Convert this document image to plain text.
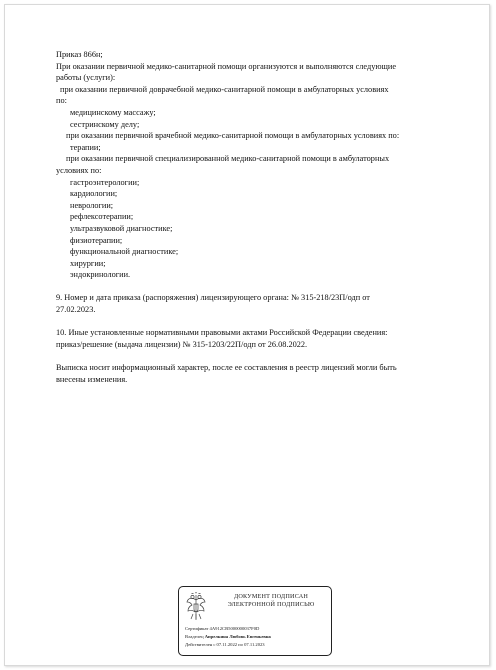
Приказ 866н;
При оказании первичной медико-санитарной помощи организуются и выполняются следующие
работы (услуги):
при оказании первичной доврачебной медико-санитарной помощи в амбулаторных условиях
по:
медицинскому массажу;
сестринскому делу;
при оказании первичной врачебной медико-санитарной помощи в амбулаторных условиях по:
терапии;
при оказании первичной специализированной медико-санитарной помощи в амбулаторных
условиях по:
гастроэнтерологии;
кардиологии;
неврологии;
рефлексотерапии;
ультразвуковой диагностике;
физиотерапии;
функциональной диагностике;
хирургии;
эндокринологии.
9. Номер и дата приказа (распоряжения) лицензирующего органа: № 315-218/23П/одп от
27.02.2023.
10. Иные установленные нормативными правовыми актами Российской Федерации сведения:
приказ/решение (выдача лицензии) № 315-1203/22П/одп от 26.08.2022.
Выписка носит информационный характер, после ее составления в реестр лицензий могли быть
внесены изменения.
ДОКУМЕНТ ПОДПИСАН
ЭЛЕКТРОННОЙ ПОДПИСЬЮ
Сертификат 4A912CB5000000037F0D
Владелец Апрелкина Любовь Евгеньевна
Действителен с 07.11.2022 по 07.11.2023
